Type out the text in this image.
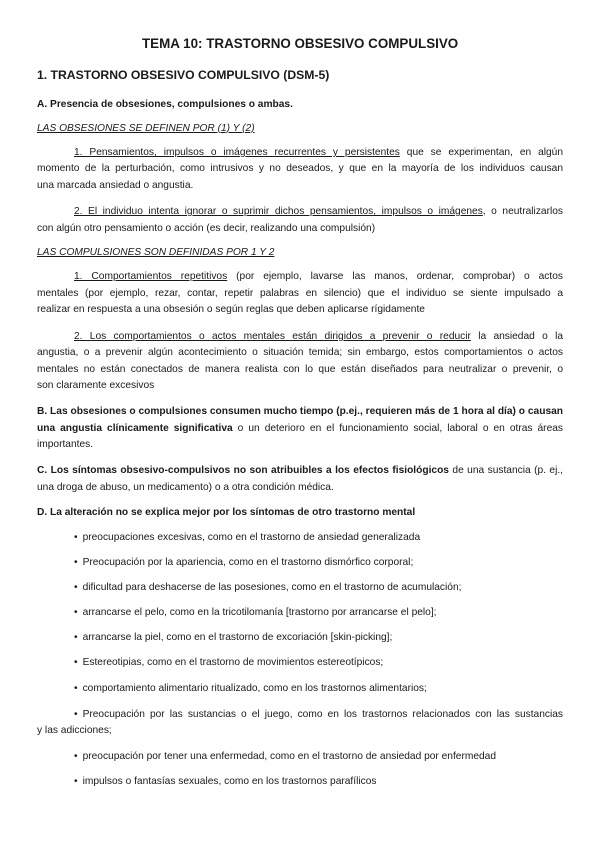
TEMA 10: TRASTORNO OBSESIVO COMPULSIVO

1. TRASTORNO OBSESIVO COMPULSIVO (DSM-5)

A. Presencia de obsesiones, compulsiones o ambas.

LAS OBSESIONES SE DEFINEN POR (1) Y (2)

1. Pensamientos, impulsos o imágenes recurrentes y persistentes que se experimentan, en algún

momento de la perturbación, como intrusivos y no deseados, y que en la mayoría de los individuos causan

una marcada ansiedad o angustia.

2. El individuo intenta ignorar o suprimir dichos pensamientos, impulsos o imágenes, o neutralizarlos

con algún otro pensamiento o acción (es decir, realizando una compulsión)

LAS COMPULSIONES SON DEFINIDAS POR 1 Y 2

1. Comportamientos repetitivos (por ejemplo, lavarse las manos, ordenar, comprobar) o actos

mentales (por ejemplo, rezar, contar, repetir palabras en silencio) que el individuo se siente impulsado a

realizar en respuesta a una obsesión o según reglas que deben aplicarse rígidamente

2. Los comportamientos o actos mentales están dirigidos a prevenir o reducir la ansiedad o la

angustia, o a prevenir algún acontecimiento o situación temida; sin embargo, estos comportamientos o actos

mentales no están conectados de manera realista con lo que están diseñados para neutralizar o prevenir, o

son claramente excesivos

B. Las obsesiones o compulsiones consumen mucho tiempo (p.ej., requieren más de 1 hora al día) o causan

una angustia clínicamente significativa o un deterioro en el funcionamiento social, laboral o en otras áreas

importantes.

C. Los síntomas obsesivo-compulsivos no son atribuibles a los efectos fisiológicos de una sustancia (p. ej.,

una droga de abuso, un medicamento) o a otra condición médica.

D. La alteración no se explica mejor por los síntomas de otro trastorno mental

• preocupaciones excesivas, como en el trastorno de ansiedad generalizada

• Preocupación por la apariencia, como en el trastorno dismórfico corporal;

• dificultad para deshacerse de las posesiones, como en el trastorno de acumulación;

• arrancarse el pelo, como en la tricotilomanía [trastorno por arrancarse el pelo];

• arrancarse la piel, como en el trastorno de excoriación [skin-picking];

• Estereotipias, como en el trastorno de movimientos estereotípicos;

• comportamiento alimentario ritualizado, como en los trastornos alimentarios;

• Preocupación por las sustancias o el juego, como en los trastornos relacionados con las sustancias

y las adicciones;

• preocupación por tener una enfermedad, como en el trastorno de ansiedad por enfermedad

• impulsos o fantasías sexuales, como en los trastornos parafílicos
